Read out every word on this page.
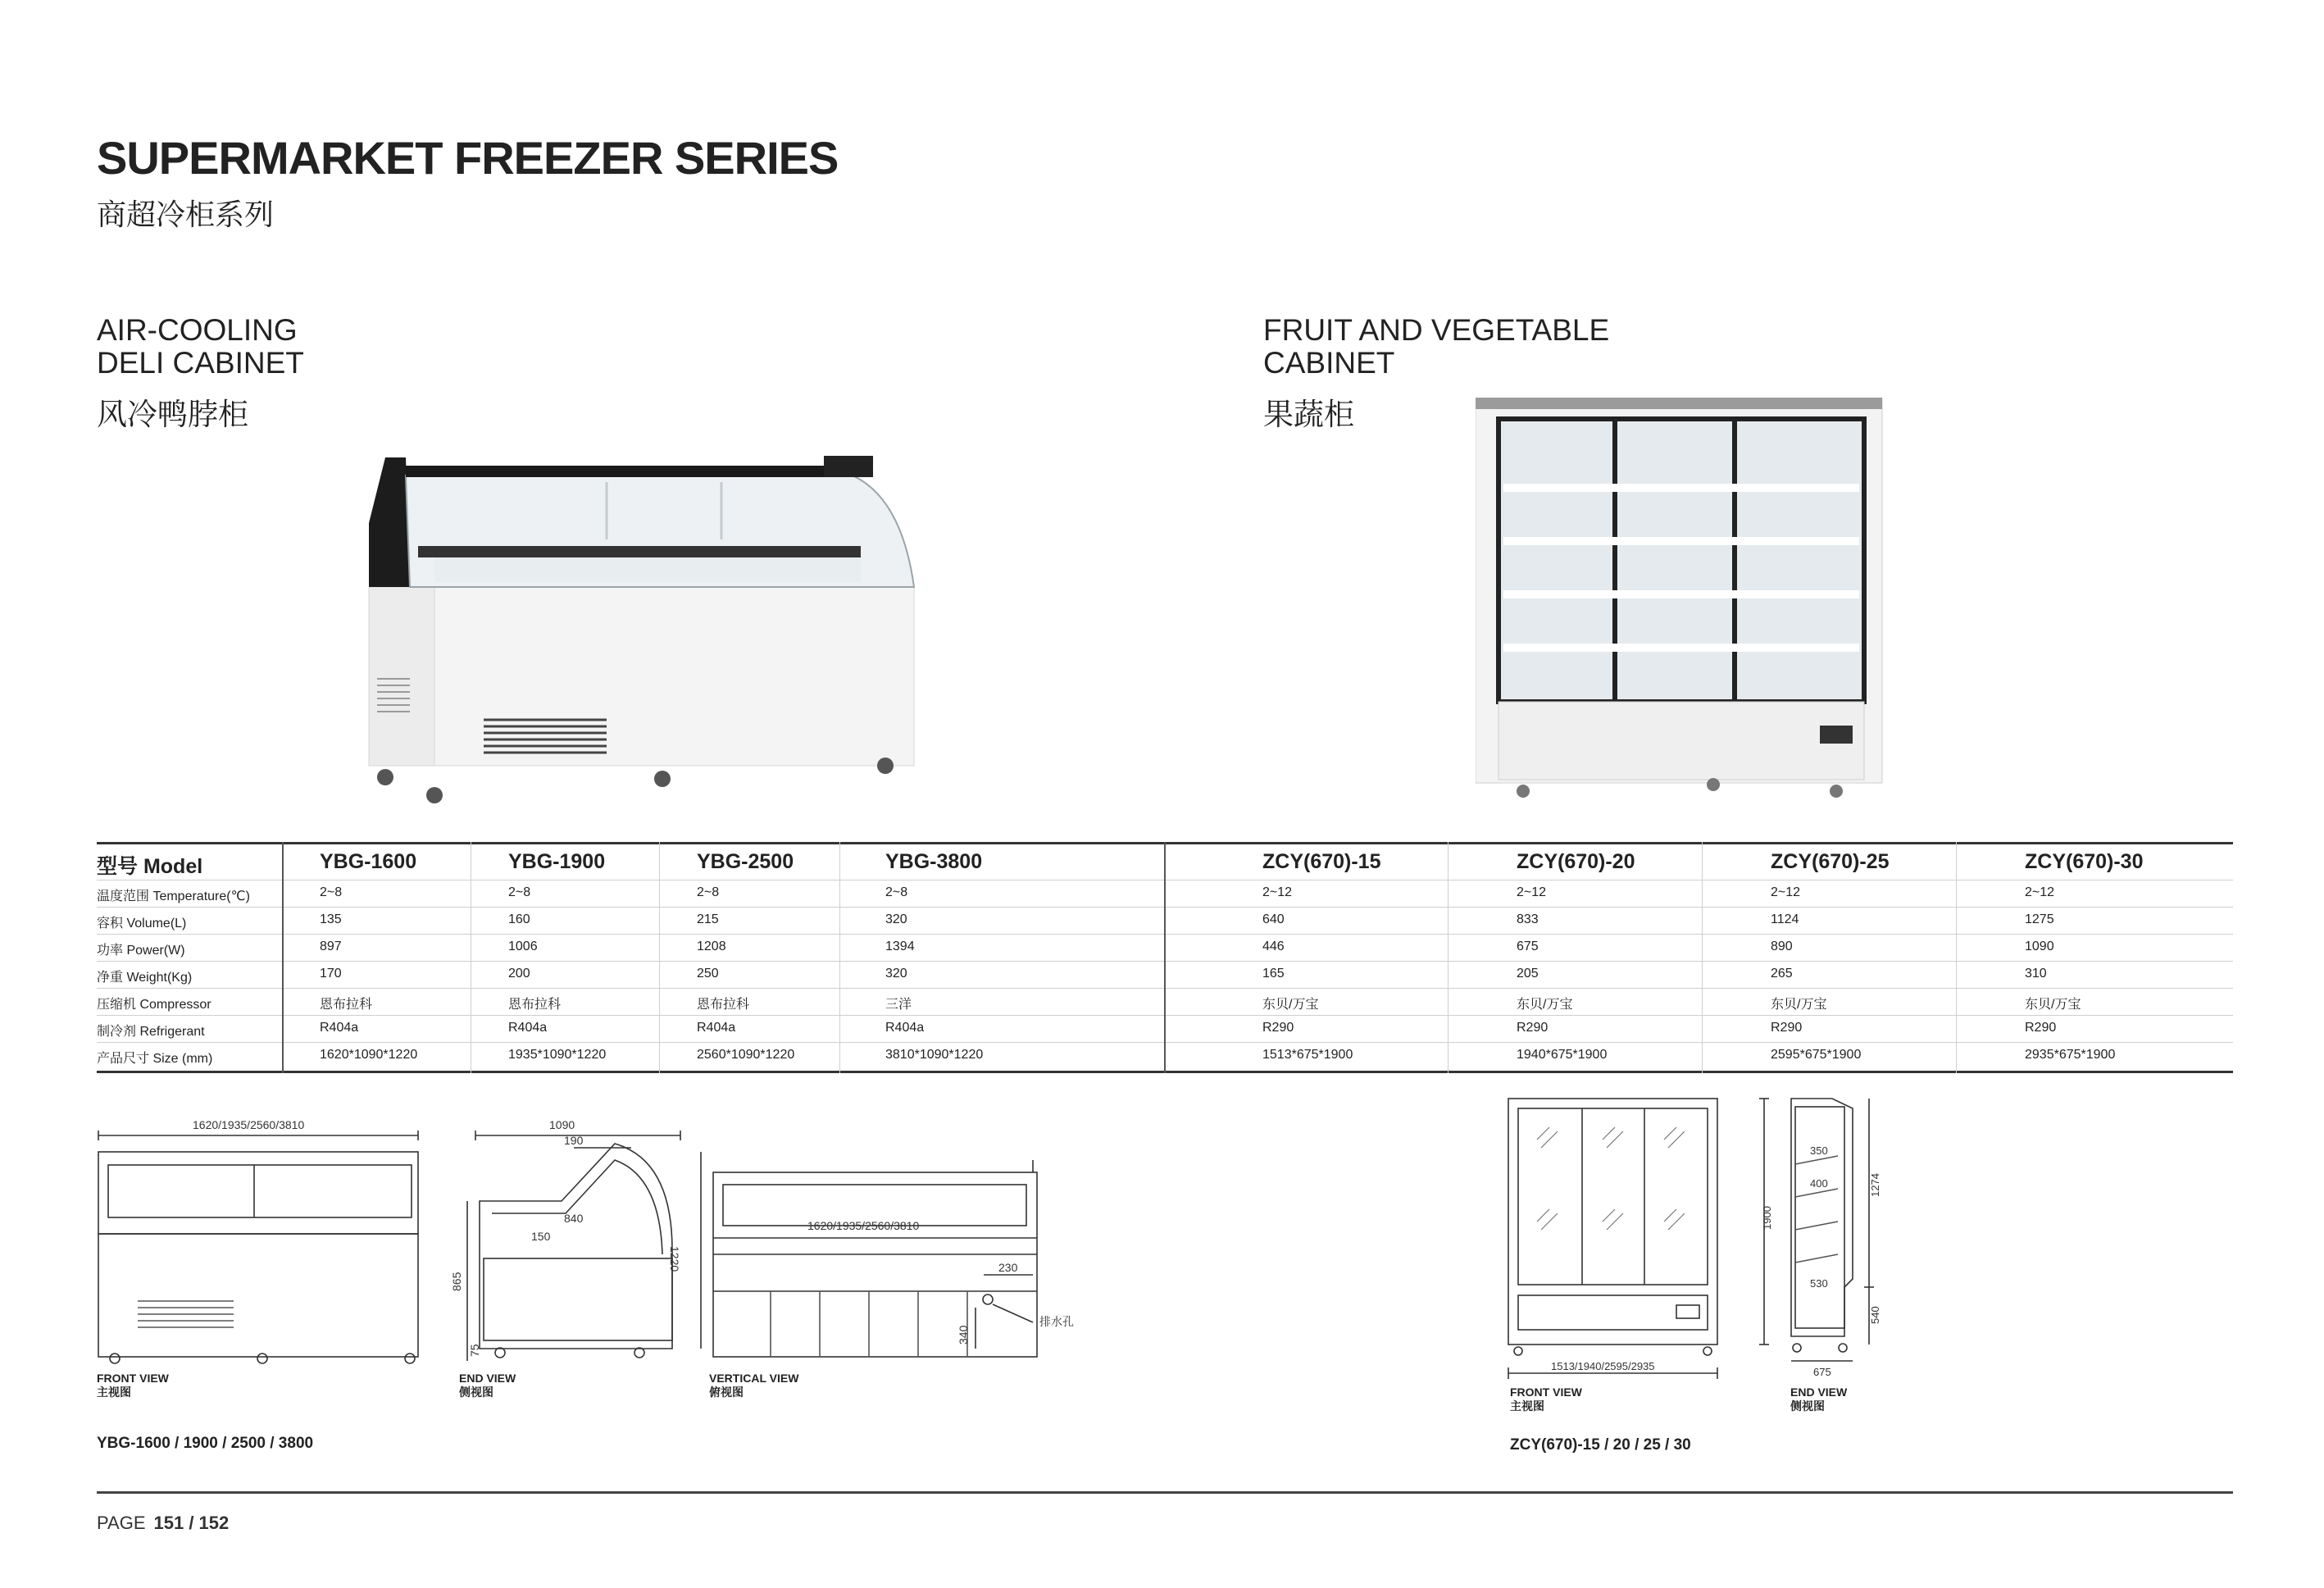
SUPERMARKET FREEZER SERIES
商超冷柜系列
AIR-COOLING
DELI CABINET
风冷鸭脖柜
FRUIT AND VEGETABLE
CABINET
果蔬柜
型号 Model	YBG-1600	YBG-1900	YBG-2500	YBG-3800	ZCY(670)-15	ZCY(670)-20	ZCY(670)-25	ZCY(670)-30
温度范围 Temperature(℃)	2~8	2~8	2~8	2~8	2~12	2~12	2~12	2~12
容积 Volume(L)	135	160	215	320	640	833	1124	1275
功率 Power(W)	897	1006	1208	1394	446	675	890	1090
净重 Weight(Kg)	170	200	250	320	165	205	265	310
压缩机 Compressor	恩布拉科	恩布拉科	恩布拉科	三洋	东贝/万宝	东贝/万宝	东贝/万宝	东贝/万宝
制冷剂 Refrigerant	R404a	R404a	R404a	R404a	R290	R290	R290	R290
产品尺寸 Size (mm)	1620*1090*1220	1935*1090*1220	2560*1090*1220	3810*1090*1220	1513*675*1900	1940*675*1900	2595*675*1900	2935*675*1900
1620/1935/2560/3810	1090
190
840
150
1220
865
75
1620/1935/2560/3810
230
340
排水孔
FRONT VIEW
主视图
END VIEW
侧视图
VERTICAL VIEW
俯视图
YBG-1600 / 1900 / 2500 / 3800
1513/1940/2595/2935
1900
1274
540
350
400
530
675
FRONT VIEW
主视图
END VIEW
侧视图
ZCY(670)-15 / 20 / 25 / 30
PAGE 151 / 152
